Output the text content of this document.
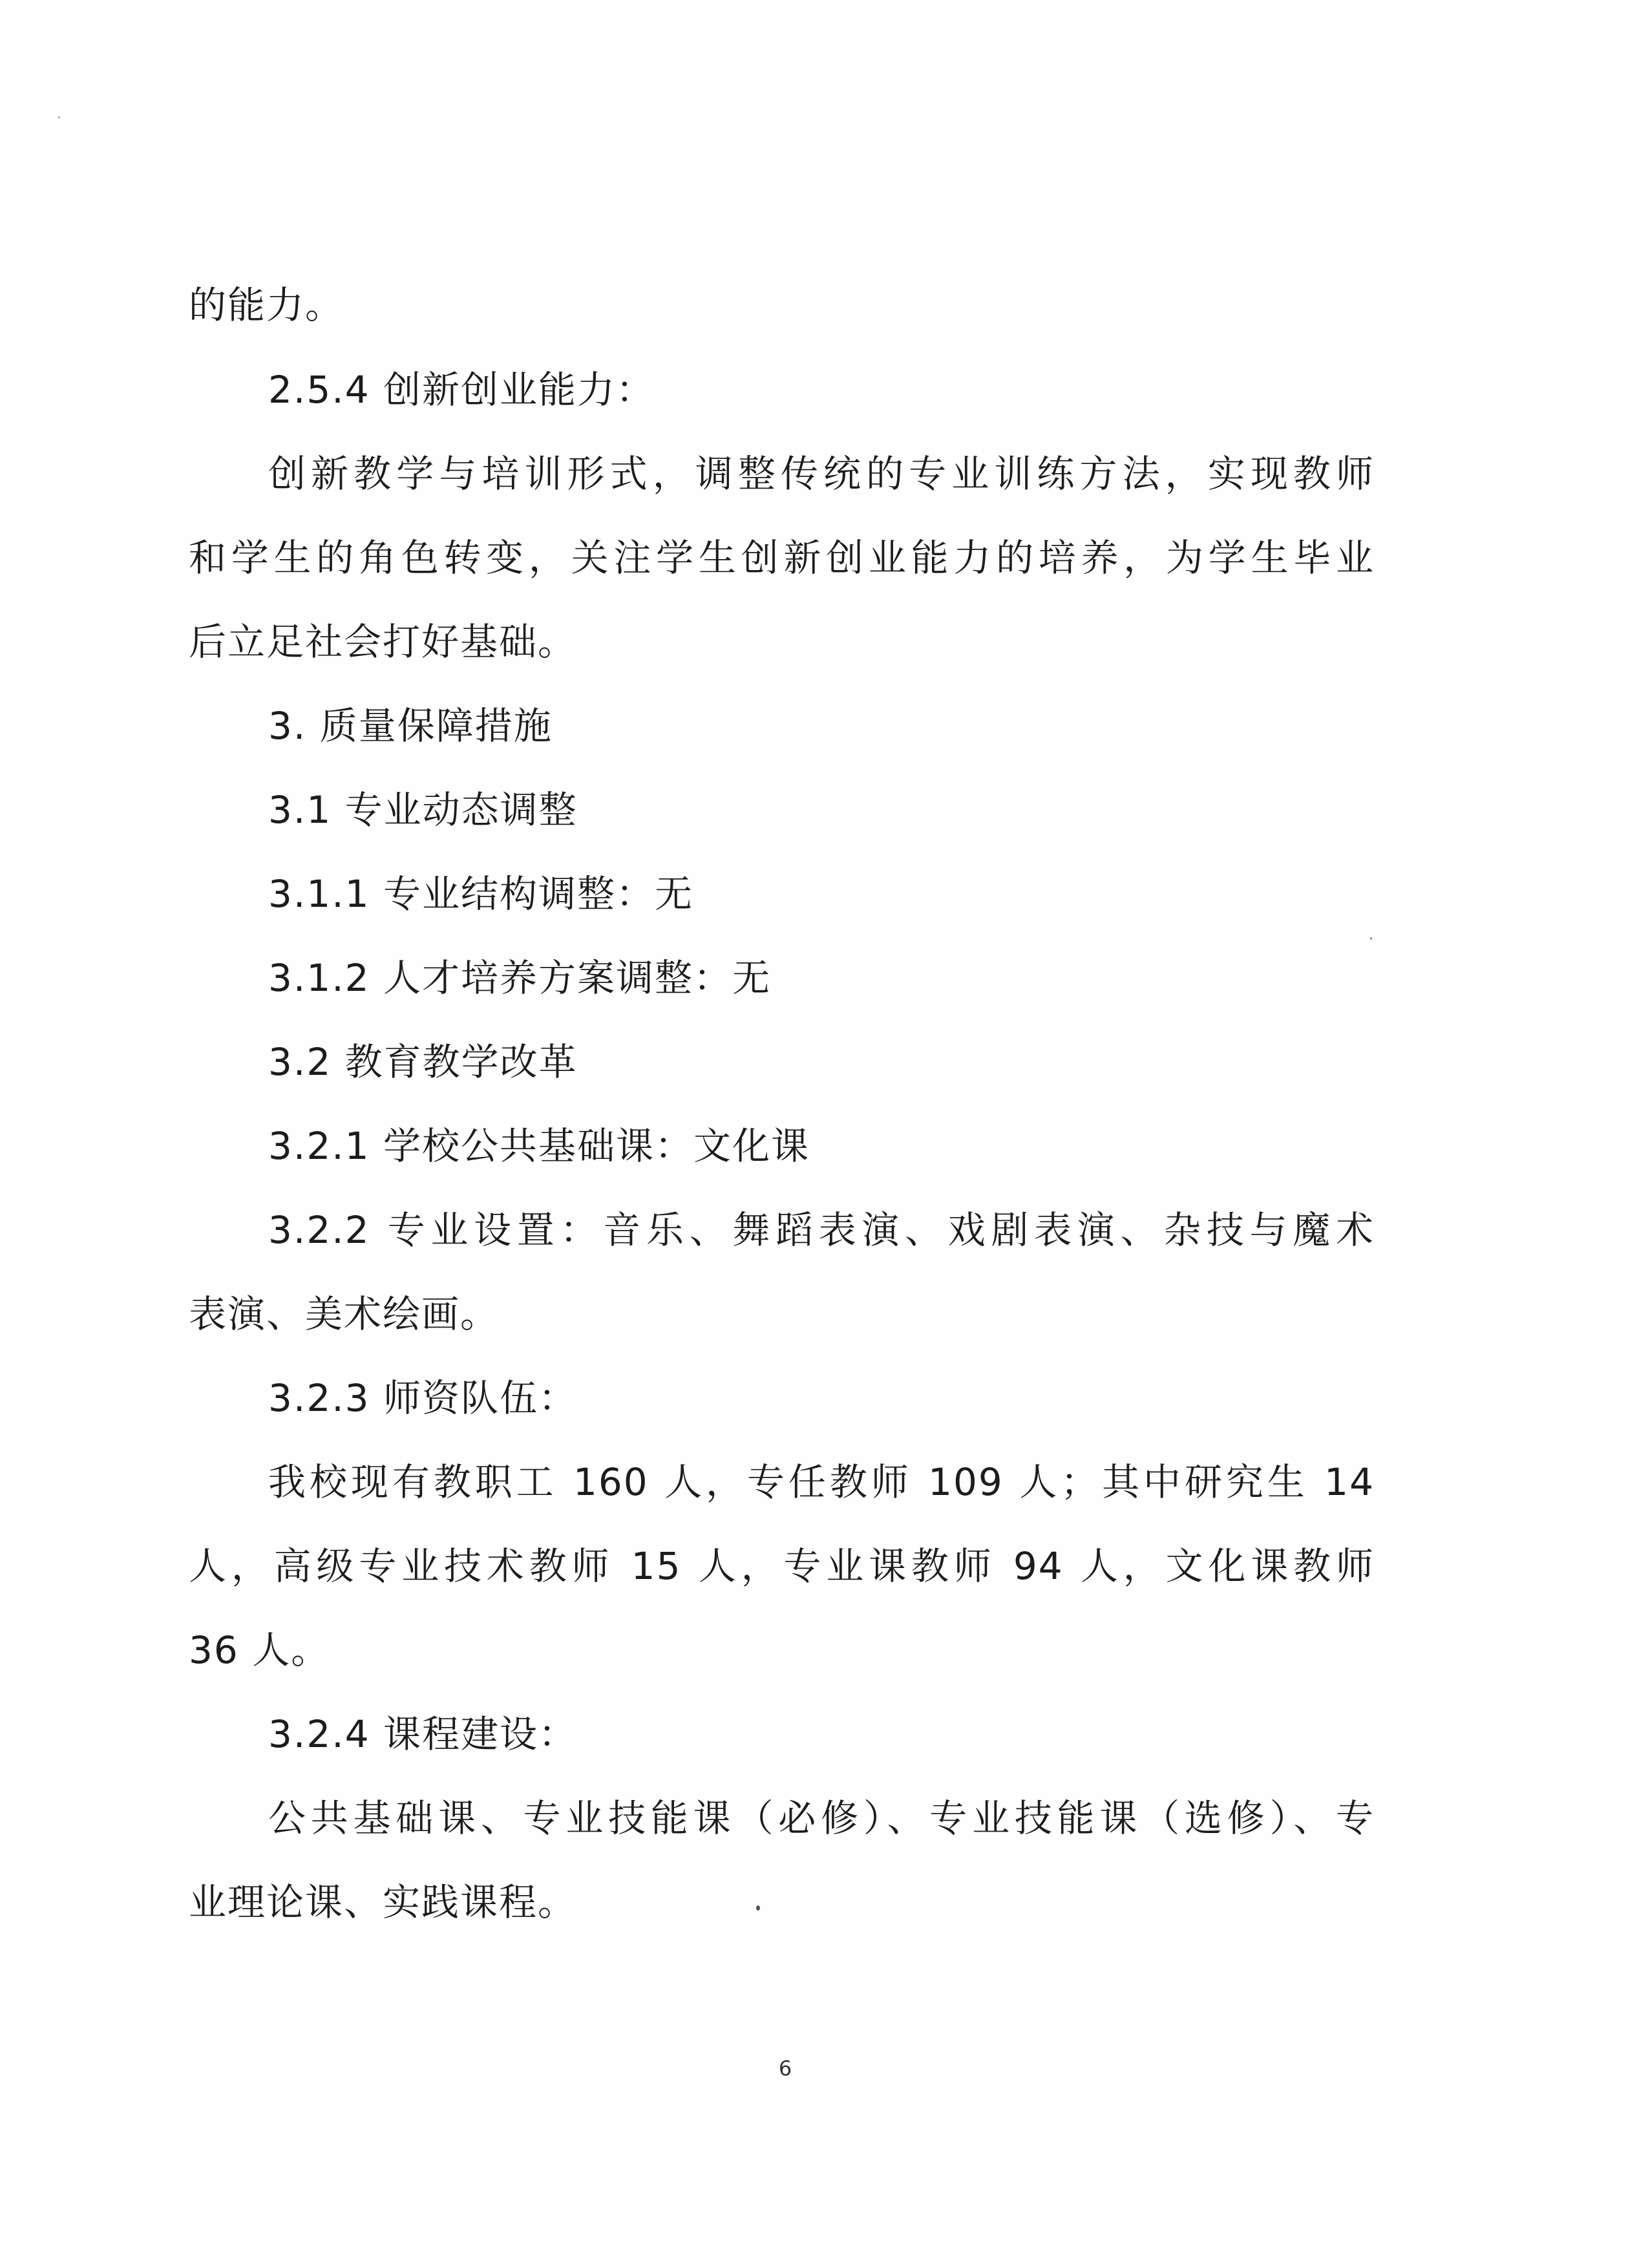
的能力。
2.5.4 创新创业能力：
创新教学与培训形式，调整传统的专业训练方法，实现教师
和学生的角色转变，关注学生创新创业能力的培养，为学生毕业
后立足社会打好基础。
3. 质量保障措施
3.1 专业动态调整
3.1.1 专业结构调整：无
3.1.2 人才培养方案调整：无
3.2 教育教学改革
3.2.1 学校公共基础课：文化课
3.2.2 专业设置：音乐、舞蹈表演、戏剧表演、杂技与魔术
表演、美术绘画。
3.2.3 师资队伍：
我校现有教职工 160 人，专任教师 109 人；其中研究生 14
人，高级专业技术教师 15 人，专业课教师 94 人，文化课教师
36 人。
3.2.4 课程建设：
公共基础课、专业技能课（必修）、专业技能课（选修）、专
业理论课、实践课程。
6
